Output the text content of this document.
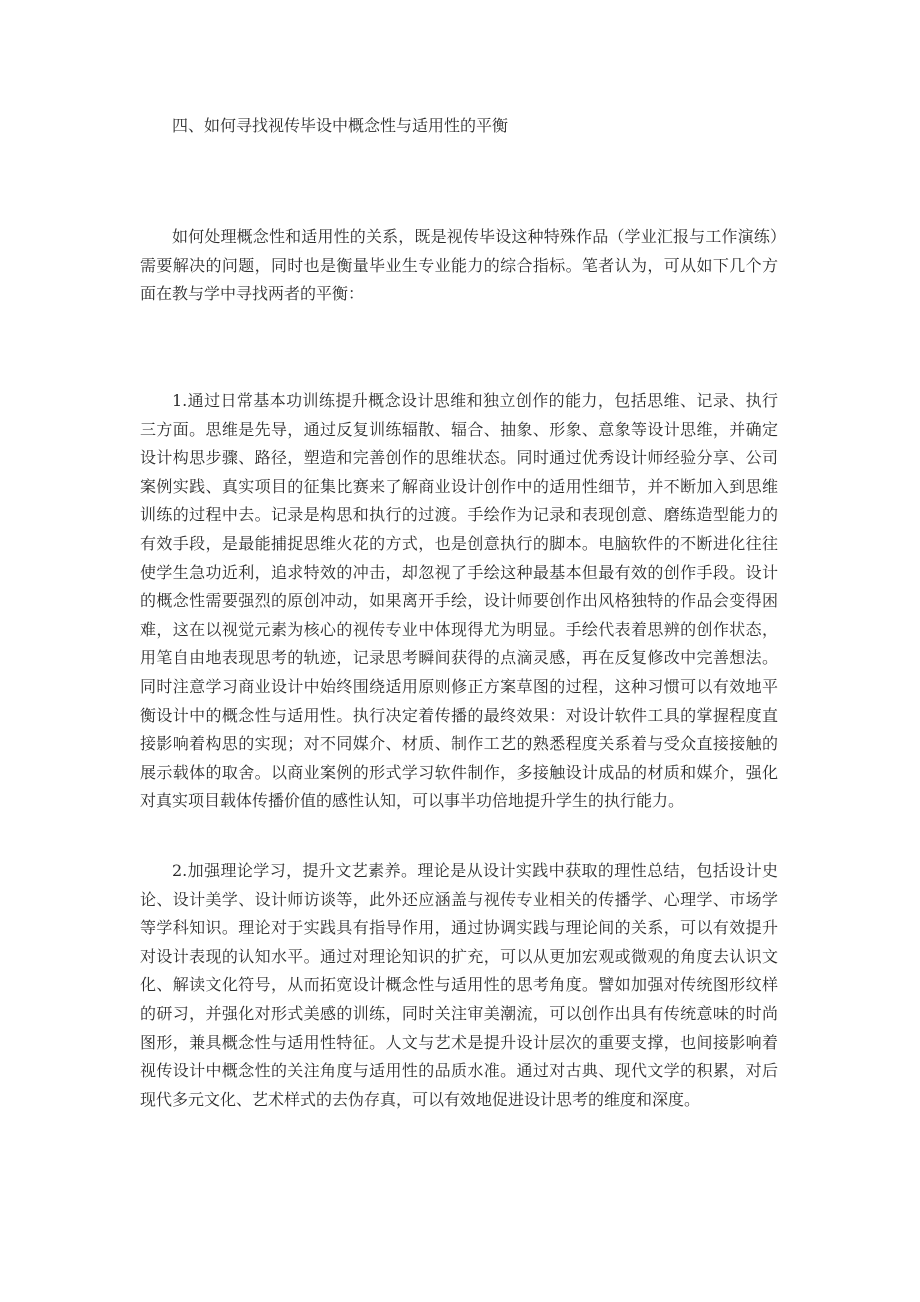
四、如何寻找视传毕设中概念性与适用性的平衡

如何处理概念性和适用性的关系，既是视传毕设这种特殊作品（学业汇报与工作演练）需要解决的问题，同时也是衡量毕业生专业能力的综合指标。笔者认为，可从如下几个方面在教与学中寻找两者的平衡：

1.通过日常基本功训练提升概念设计思维和独立创作的能力，包括思维、记录、执行三方面。思维是先导，通过反复训练辐散、辐合、抽象、形象、意象等设计思维，并确定设计构思步骤、路径，塑造和完善创作的思维状态。同时通过优秀设计师经验分享、公司案例实践、真实项目的征集比赛来了解商业设计创作中的适用性细节，并不断加入到思维训练的过程中去。记录是构思和执行的过渡。手绘作为记录和表现创意、磨练造型能力的有效手段，是最能捕捉思维火花的方式，也是创意执行的脚本。电脑软件的不断进化往往使学生急功近利，追求特效的冲击，却忽视了手绘这种最基本但最有效的创作手段。设计的概念性需要强烈的原创冲动，如果离开手绘，设计师要创作出风格独特的作品会变得困难，这在以视觉元素为核心的视传专业中体现得尤为明显。手绘代表着思辨的创作状态，用笔自由地表现思考的轨迹，记录思考瞬间获得的点滴灵感，再在反复修改中完善想法。同时注意学习商业设计中始终围绕适用原则修正方案草图的过程，这种习惯可以有效地平衡设计中的概念性与适用性。执行决定着传播的最终效果：对设计软件工具的掌握程度直接影响着构思的实现；对不同媒介、材质、制作工艺的熟悉程度关系着与受众直接接触的展示载体的取舍。以商业案例的形式学习软件制作，多接触设计成品的材质和媒介，强化对真实项目载体传播价值的感性认知，可以事半功倍地提升学生的执行能力。

2.加强理论学习，提升文艺素养。理论是从设计实践中获取的理性总结，包括设计史论、设计美学、设计师访谈等，此外还应涵盖与视传专业相关的传播学、心理学、市场学等学科知识。理论对于实践具有指导作用，通过协调实践与理论间的关系，可以有效提升对设计表现的认知水平。通过对理论知识的扩充，可以从更加宏观或微观的角度去认识文化、解读文化符号，从而拓宽设计概念性与适用性的思考角度。譬如加强对传统图形纹样的研习，并强化对形式美感的训练，同时关注审美潮流，可以创作出具有传统意味的时尚图形，兼具概念性与适用性特征。人文与艺术是提升设计层次的重要支撑，也间接影响着视传设计中概念性的关注角度与适用性的品质水准。通过对古典、现代文学的积累，对后现代多元文化、艺术样式的去伪存真，可以有效地促进设计思考的维度和深度。
